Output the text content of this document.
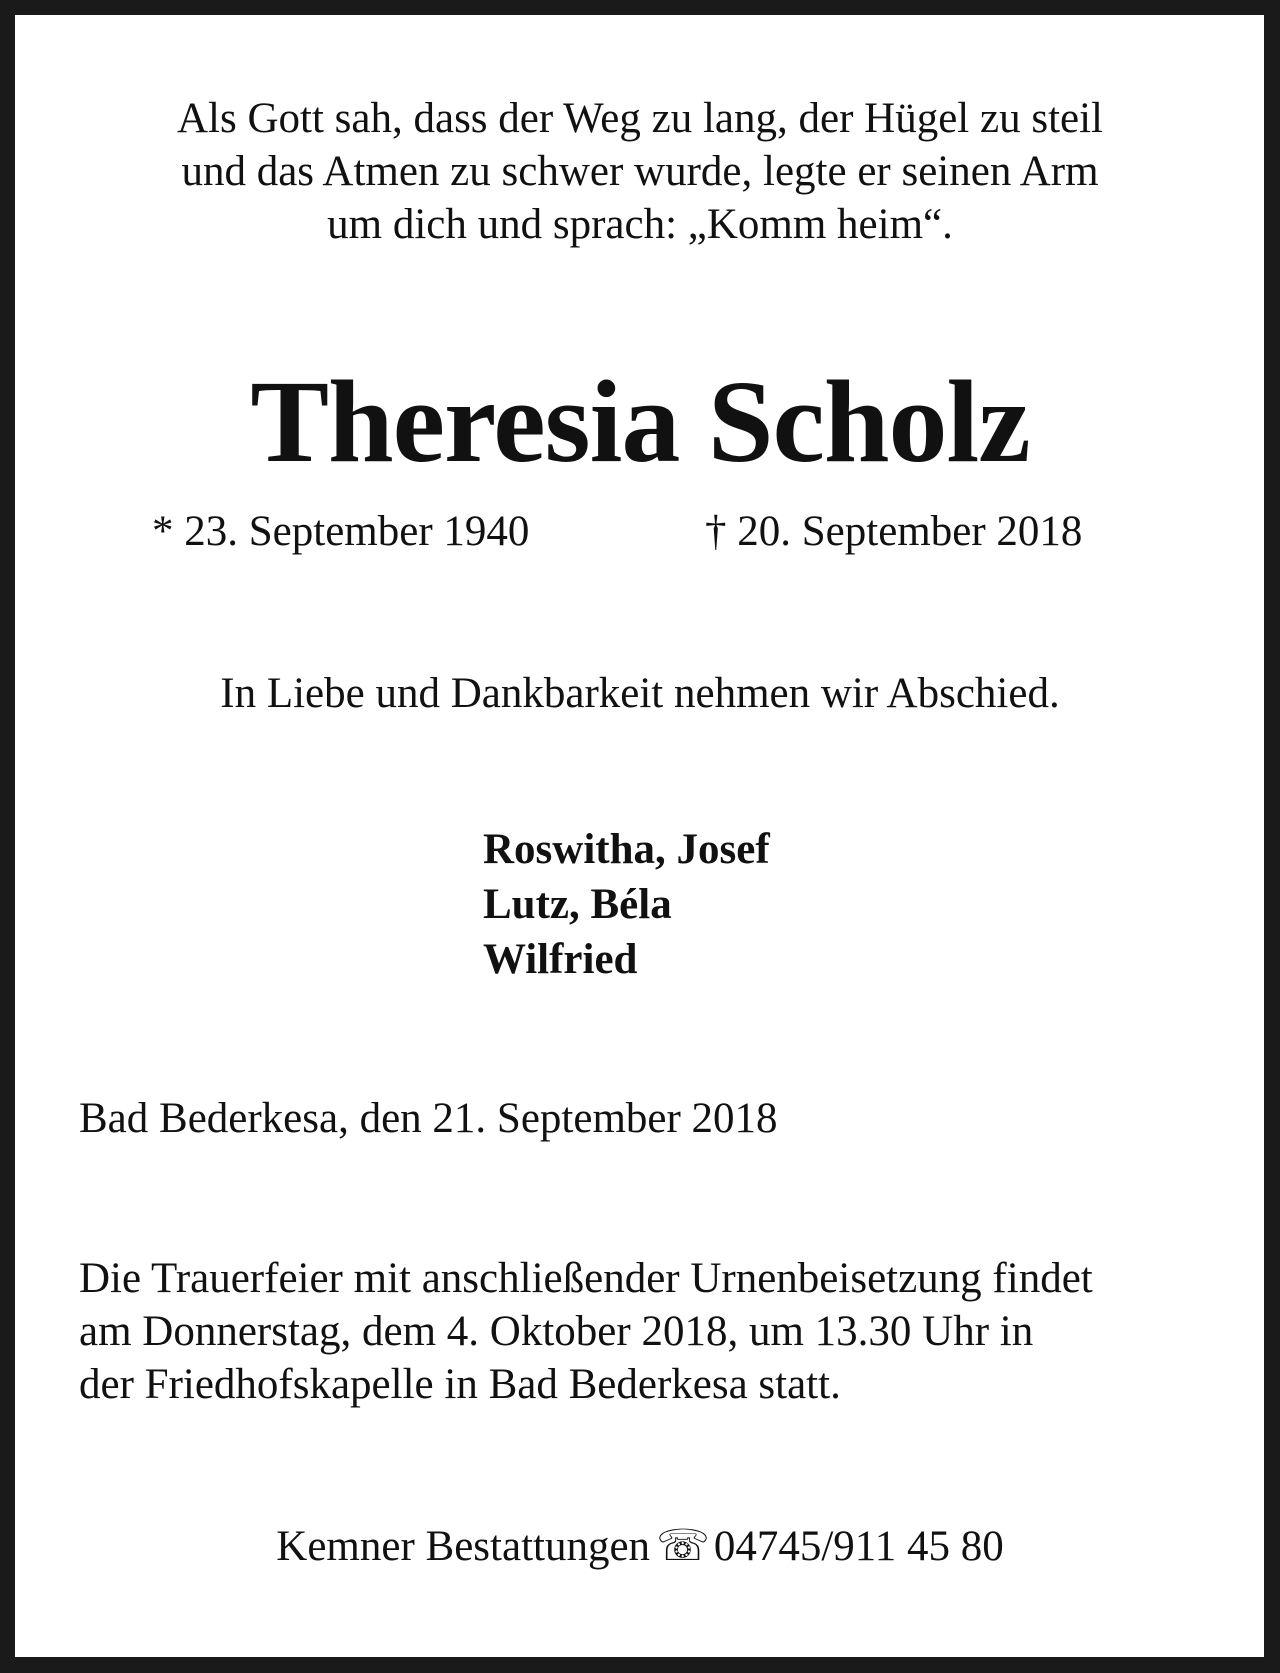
Als Gott sah, dass der Weg zu lang, der Hügel zu steil
und das Atmen zu schwer wurde, legte er seinen Arm
um dich und sprach: „Komm heim“.
Theresia Scholz
* 23. September 1940	† 20. September 2018
In Liebe und Dankbarkeit nehmen wir Abschied.
Roswitha, Josef
Lutz, Béla
Wilfried
Bad Bederkesa, den 21. September 2018
Die Trauerfeier mit anschließender Urnenbeisetzung findet
am Donnerstag, dem 4. Oktober 2018, um 13.30 Uhr in
der Friedhofskapelle in Bad Bederkesa statt.
Kemner Bestattungen ☏04745/911 45 80
